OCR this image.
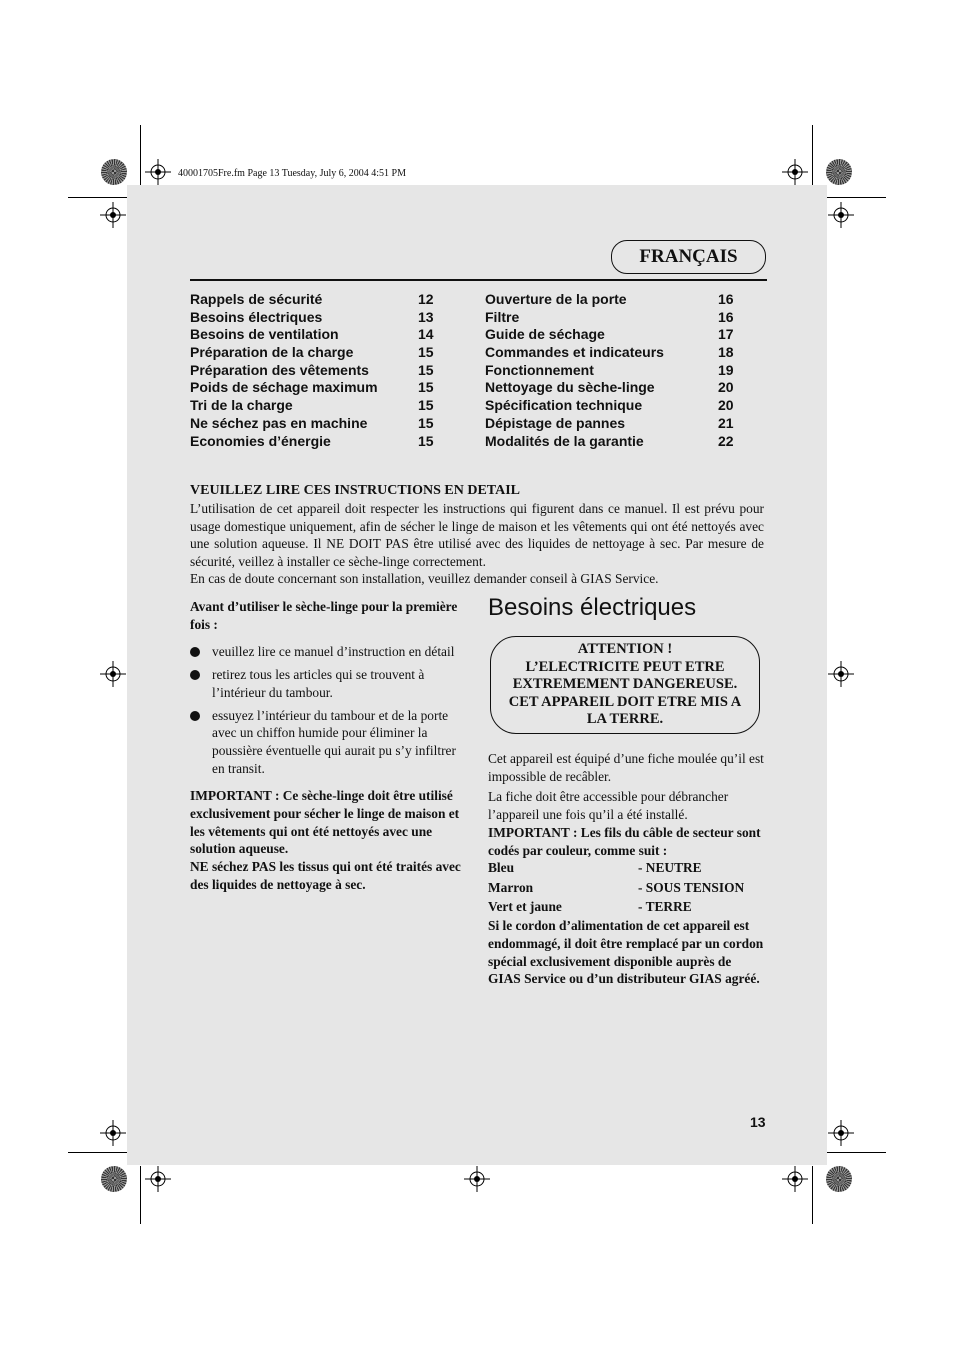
40001705Fre.fm Page 13 Tuesday, July 6, 2004 4:51 PM
FRANÇAIS
Rappels de sécurité	12
Besoins électriques	13
Besoins de ventilation	14
Préparation de la charge	15
Préparation des vêtements	15
Poids de séchage maximum	15
Tri de la charge	15
Ne séchez pas en machine	15
Economies d’énergie	15
Ouverture de la porte	16
Filtre	16
Guide de séchage	17
Commandes et indicateurs	18
Fonctionnement	19
Nettoyage du sèche-linge	20
Spécification technique	20
Dépistage de pannes	21
Modalités de la garantie	22
VEUILLEZ LIRE CES INSTRUCTIONS EN DETAIL

L’utilisation de cet appareil doit respecter les instructions qui figurent dans ce manuel. Il est prévu pour usage domestique uniquement, afin de sécher le linge de maison et les vêtements qui ont été nettoyés avec une solution aqueuse. Il NE DOIT PAS être utilisé avec des liquides de nettoyage à sec. Par mesure de sécurité, veillez à installer ce sèche-linge correctement.

En cas de doute concernant son installation, veuillez demander conseil à GIAS Service.

Avant d’utiliser le sèche-linge pour la première fois :

veuillez lire ce manuel d’instruction en détail
retirez tous les articles qui se trouvent à l’intérieur du tambour.
essuyez l’intérieur du tambour et de la porte avec un chiffon humide pour éliminer la poussière éventuelle qui aurait pu s’y infiltrer en transit.

IMPORTANT : Ce sèche-linge doit être utilisé exclusivement pour sécher le linge de maison et les vêtements qui ont été nettoyés avec une solution aqueuse.

NE séchez PAS les tissus qui ont été traités avec des liquides de nettoyage à sec.

Besoins électriques
ATTENTION !
L’ELECTRICITE PEUT ETRE
EXTREMEMENT DANGEREUSE.
CET APPAREIL DOIT ETRE MIS A
LA TERRE.

Cet appareil est équipé d’une fiche moulée qu’il est impossible de recâbler.

La fiche doit être accessible pour débrancher l’appareil une fois qu’il a été installé.

IMPORTANT : Les fils du câble de secteur sont codés par couleur, comme suit :

Bleu	- NEUTRE
Marron	- SOUS TENSION
Vert et jaune	- TERRE

Si le cordon d’alimentation de cet appareil est endommagé, il doit être remplacé par un cordon spécial exclusivement disponible auprès de GIAS Service ou d’un distributeur GIAS agréé.

13
